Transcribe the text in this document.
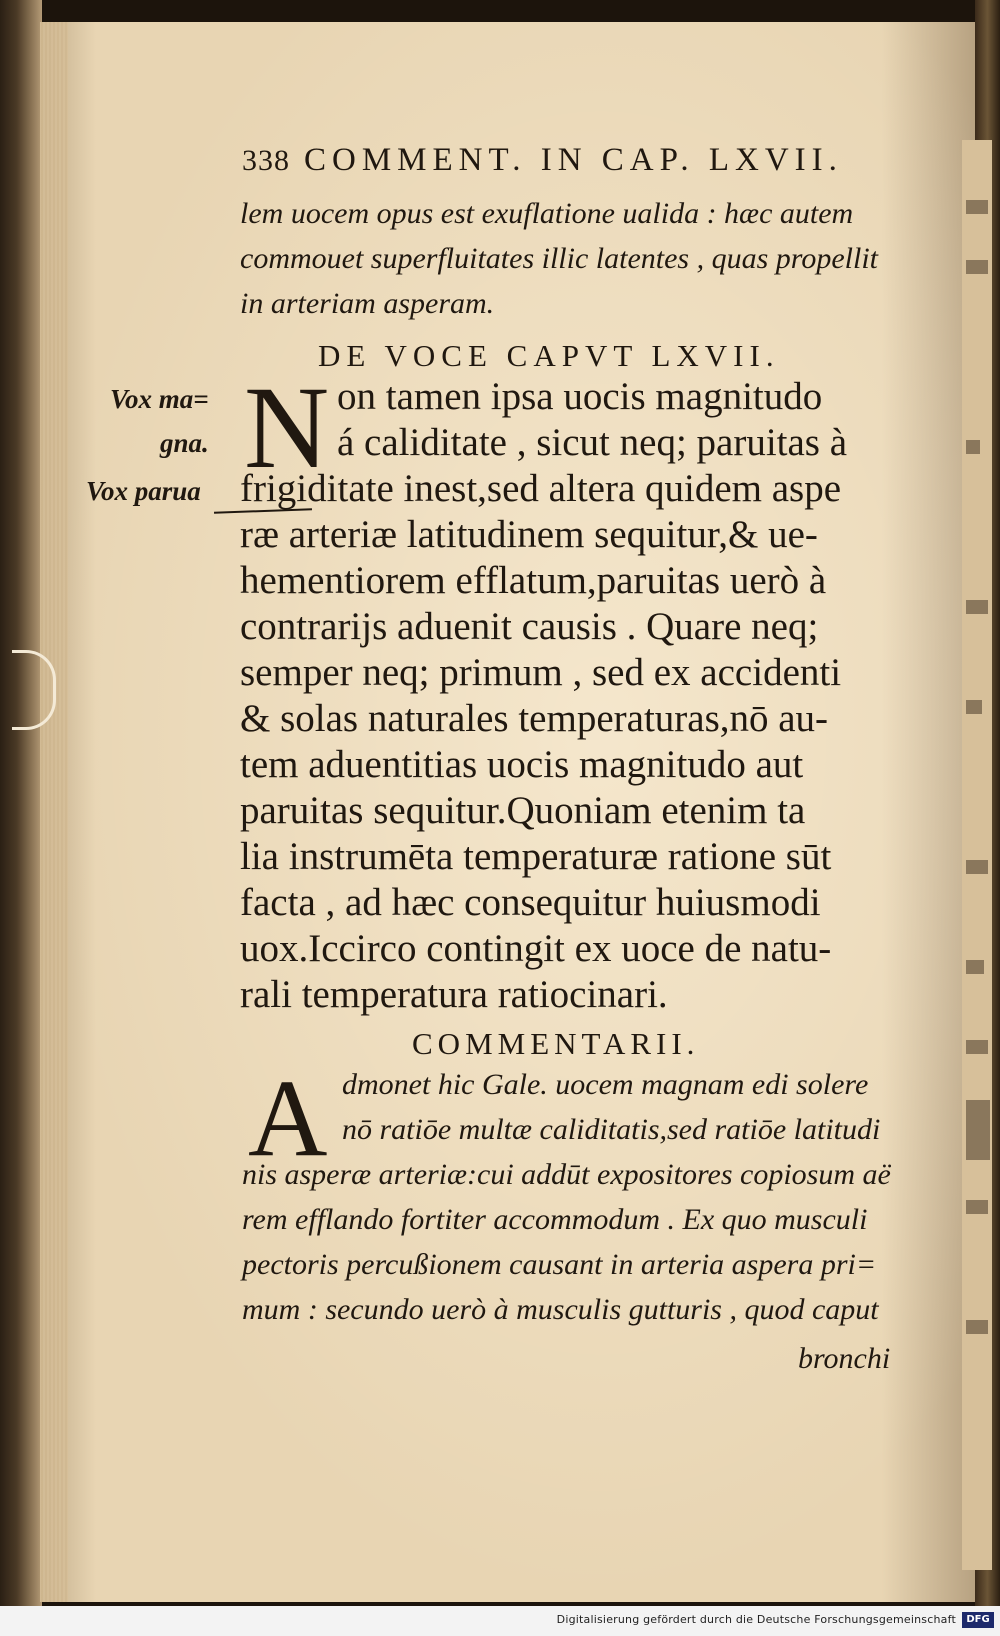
338 COMMENT. IN CAP. LXVII.
lem uocem opus est exuflatione ualida : hæc autem
commouet superfluitates illic latentes , quas propellit
in arteriam asperam.
DE VOCE CAPVT LXVII.
Vox ma=
gna.
Vox parua N on tamen ipsa uocis magnitudo
á caliditate , sicut neq; paruitas à
frigiditate inest,sed altera quidem aspe
ræ arteriæ latitudinem sequitur,& ue-
hementiorem efflatum,paruitas uerò à
contrarijs aduenit causis . Quare neq;
semper neq; primum , sed ex accidenti
& solas naturales temperaturas,nō au-
tem aduentitias uocis magnitudo aut
paruitas sequitur.Quoniam etenim ta
lia instrumēta temperaturæ ratione sūt
facta , ad hæc consequitur huiusmodi
uox.Iccirco contingit ex uoce de natu-
rali temperatura ratiocinari.
COMMENTARII.
A dmonet hic Gale. uocem magnam edi solere
nō ratiōe multæ caliditatis,sed ratiōe latitudi
nis asperæ arteriæ:cui addūt expositores copiosum aë
rem efflando fortiter accommodum . Ex quo musculi
pectoris percußionem causant in arteria aspera pri=
mum : secundo uerò à musculis gutturis , quod caput
bronchi
Digitalisierung gefördert durch die Deutsche Forschungsgemeinschaft	DFG
